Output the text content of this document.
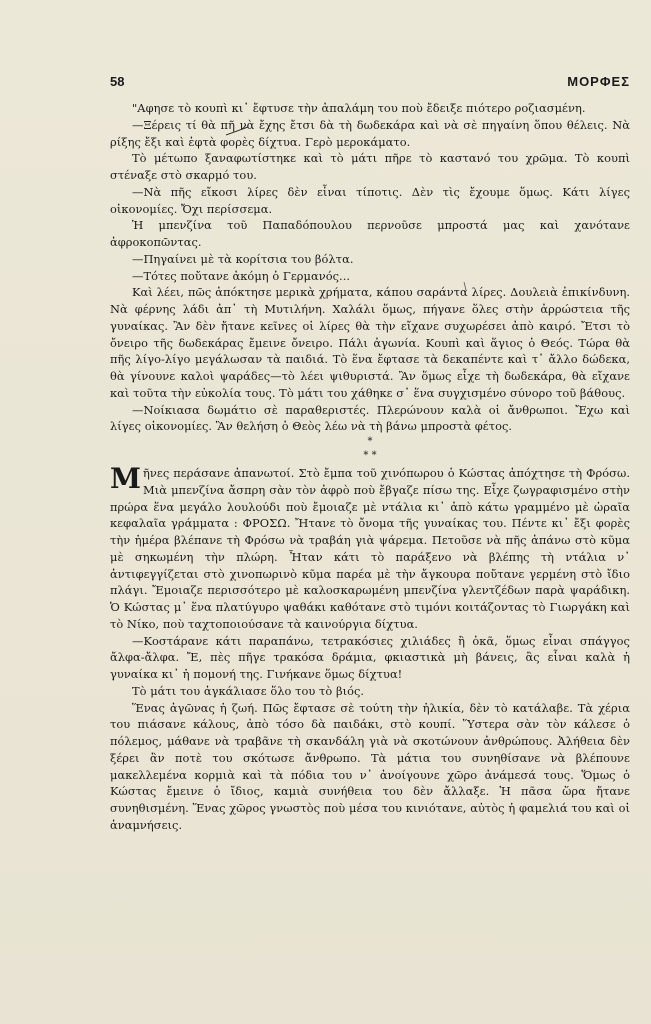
58	ΜΟΡΦΕΣ

"Αφησε τὸ κουπὶ κι᾽ ἔφτυσε τὴν ἀπαλάμη του ποὺ ἔδειξε πιότερο ροζιασμένη.

—Ξέρεις τί θὰ πῆ νὰ ἔχης ἔτσι δὰ τὴ δωδεκάρα καὶ νὰ σὲ πηγαίνη ὅπου θέλεις. Νὰ ρίξης ἔξι καὶ ἑφτὰ φορὲς δίχτυα. Γερὸ μεροκάματο.

Τὸ μέτωπο ξαναφωτίστηκε καὶ τὸ μάτι πῆρε τὸ καστανό του χρῶμα. Τὸ κουπὶ στέναξε στὸ σκαρμό του.

—Νὰ πῆς εἴκοσι λίρες δὲν εἶναι τίποτις. Δὲν τὶς ἔχουμε ὅμως. Κάτι λίγες οἰκονομίες. Ὄχι περίσσεμα.

Ἡ μπενζίνα τοῦ Παπαδόπουλου περνοῦσε μπροστά μας καὶ χανότανε ἀφροκοπῶντας.

—Πηγαίνει μὲ τὰ κορίτσια του βόλτα.

—Τότες ποὔτανε ἀκόμη ὁ Γερμανός...

Καὶ λέει, πῶς ἀπόκτησε μερικὰ χρήματα, κάπου σαράντα λίρες. Δουλειὰ ἐπικίνδυνη. Νὰ φέρνης λάδι ἀπ᾽ τὴ Μυτιλήνη. Χαλάλι ὅμως, πήγανε ὅλες στὴν ἀρρώστεια τῆς γυναίκας. Ἂν δὲν ἤτανε κεῖνες οἱ λίρες θὰ τὴν εἴχανε συχωρέσει ἀπὸ καιρό. Ἔτσι τὸ ὄνειρο τῆς δωδεκάρας ἔμεινε ὄνειρο. Πάλι ἀγωνία. Κουπὶ καὶ ἅγιος ὁ Θεός. Τώρα θὰ πῆς λίγο-λίγο μεγάλωσαν τὰ παιδιά. Τὸ ἕνα ἔφτασε τὰ δεκαπέντε καὶ τ᾽ ἄλλο δώδεκα, θὰ γίνουνε καλοὶ ψαράδες—τὸ λέει ψιθυριστά. Ἂν ὅμως εἶχε τὴ δωδεκάρα, θὰ εἴχανε καὶ τοῦτα τὴν εὐκολία τους. Τὸ μάτι του χάθηκε σ᾽ ἕνα συγχισμένο σύνορο τοῦ βάθους.

—Νοίκιασα δωμάτιο σὲ παραθεριστές. Πλερώνουν καλὰ οἱ ἄνθρωποι. Ἔχω καὶ λίγες οἰκονομίες. Ἂν θελήση ὁ Θεὸς λέω νὰ τὴ βάνω μπροστὰ φέτος.

*
* *

Μῆνες περάσανε ἀπανωτοί. Στὸ ἔμπα τοῦ χινόπωρου ὁ Κώστας ἀπόχτησε τὴ Φρόσω. Μιὰ μπενζίνα ἄσπρη σὰν τὸν ἀφρὸ ποὺ ἔβγαζε πίσω της. Εἶχε ζωγραφισμένο στὴν πρώρα ἕνα μεγάλο λουλούδι ποὺ ἔμοιαζε μὲ ντάλια κι᾽ ἀπὸ κάτω γραμμένο μὲ ὡραῖα κεφαλαῖα γράμματα : ΦΡΟΣΩ. Ἤτανε τὸ ὄνομα τῆς γυναίκας του. Πέντε κι᾽ ἔξι φορὲς τὴν ἡμέρα βλέπανε τὴ Φρόσω νὰ τραβάη γιὰ ψάρεμα. Πετοῦσε νὰ πῆς ἀπάνω στὸ κῦμα μὲ σηκωμένη τὴν πλώρη. Ἦταν κάτι τὸ παράξενο νὰ βλέπης τὴ ντάλια ν᾽ ἀντιφεγγίζεται στὸ χινοπωρινὸ κῦμα παρέα μὲ τὴν ἄγκουρα ποὔτανε γερμένη στὸ ἴδιο πλάγι. Ἔμοιαζε περισσότερο μὲ καλοσκαρωμένη μπενζίνα γλεντζέδων παρὰ ψαράδικη. Ὁ Κώστας μ᾽ ἕνα πλατύγυρο ψαθάκι καθότανε στὸ τιμόνι κοιτάζοντας τὸ Γιωργάκη καὶ τὸ Νίκο, ποὺ ταχτοποιούσανε τὰ καινούργια δίχτυα.

—Κοστάρανε κάτι παραπάνω, τετρακόσιες χιλιάδες ἢ ὀκᾶ, ὅμως εἶναι σπάγγος ἄλφα-ἄλφα. Ἔ, πὲς πῆγε τρακόσα δράμια, φκιαστικὰ μὴ βάνεις, ἂς εἶναι καλὰ ἡ γυναίκα κι᾽ ἡ πομονή της. Γινήκανε ὅμως δίχτυα!

Τὸ μάτι του ἀγκάλιασε ὅλο του τὸ βιός.

Ἕνας ἀγῶνας ἡ ζωή. Πῶς ἔφτασε σὲ τούτη τὴν ἡλικία, δὲν τὸ κατάλαβε. Τὰ χέρια του πιάσανε κάλους, ἀπὸ τόσο δὰ παιδάκι, στὸ κουπί. Ὕστερα σὰν τὸν κάλεσε ὁ πόλεμος, μάθανε νὰ τραβᾶνε τὴ σκανδάλη γιὰ νὰ σκοτώνουν ἀνθρώπους. Ἀλήθεια δὲν ξέρει ἂν ποτὲ του σκότωσε ἄνθρωπο. Τὰ μάτια του συνηθίσανε νὰ βλέπουνε μακελλεμένα κορμιὰ καὶ τὰ πόδια του ν᾽ ἀνοίγουνε χῶρο ἀνάμεσά τους. Ὅμως ὁ Κώστας ἔμεινε ὁ ἴδιος, καμιὰ συνήθεια του δὲν ἄλλαξε. Ἡ πᾶσα ὥρα ἤτανε συνηθισμένη. Ἕνας χῶρος γνωστὸς ποὺ μέσα του κινιότανε, αὐτὸς ἡ φαμελιά του καὶ οἱ ἀναμνήσεις.
